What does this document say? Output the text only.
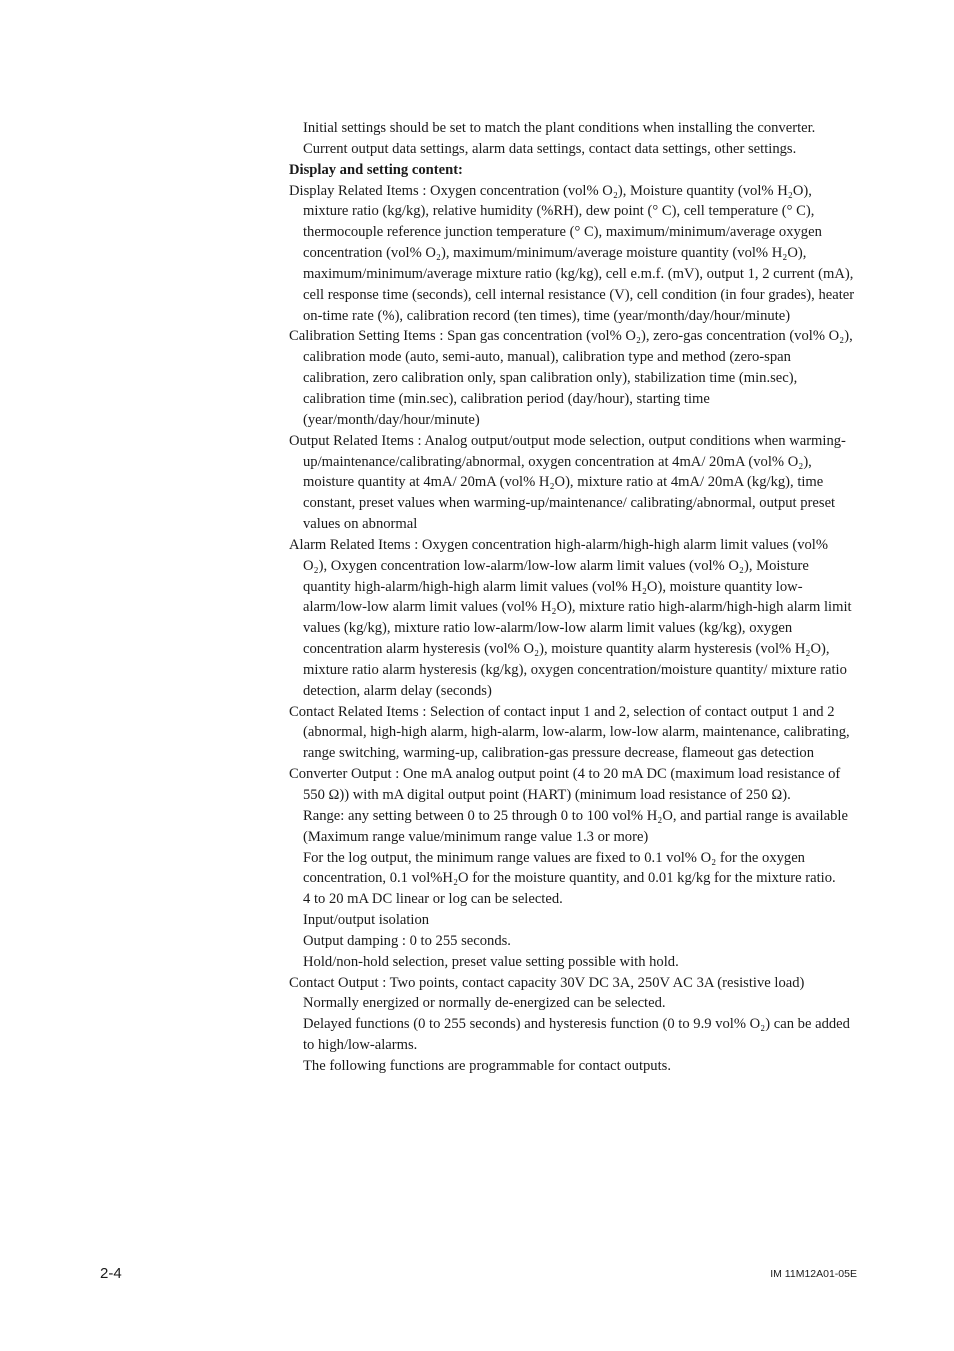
Initial settings should be set to match the plant conditions when installing the converter. Current output data settings, alarm data settings, contact data settings, other settings.

Display and setting content:

Display Related Items : Oxygen concentration (vol% O₂), Moisture quantity (vol% H₂O), mixture ratio (kg/kg), relative humidity (%RH), dew point (° C), cell temperature (° C), thermocouple reference junction temperature (° C), maximum/minimum/average oxygen concentration (vol% O₂), maximum/minimum/average moisture quantity (vol% H₂O), maximum/minimum/average mixture ratio (kg/kg), cell e.m.f. (mV), output 1, 2 current (mA), cell response time (seconds), cell internal resistance (V), cell condition (in four grades), heater on-time rate (%), calibration record (ten times), time (year/month/day/hour/minute)

Calibration Setting Items : Span gas concentration (vol% O₂), zero-gas concentration (vol% O₂), calibration mode (auto, semi-auto, manual), calibration type and method (zero-span calibration, zero calibration only, span calibration only), stabilization time (min.sec), calibration time (min.sec), calibration period (day/hour), starting time (year/month/day/hour/minute)

Output Related Items : Analog output/output mode selection, output conditions when warming-up/maintenance/calibrating/abnormal, oxygen concentration at 4mA/ 20mA (vol% O₂), moisture quantity at 4mA/ 20mA (vol% H₂O), mixture ratio at 4mA/ 20mA (kg/kg), time constant, preset values when warming-up/maintenance/ calibrating/abnormal, output preset values on abnormal

Alarm Related Items : Oxygen concentration high-alarm/high-high alarm limit values (vol% O₂), Oxygen concentration low-alarm/low-low alarm limit values (vol% O₂), Moisture quantity high-alarm/high-high alarm limit values (vol% H₂O), moisture quantity low-alarm/low-low alarm limit values (vol% H₂O), mixture ratio high-alarm/high-high alarm limit values (kg/kg), mixture ratio low-alarm/low-low alarm limit values (kg/kg), oxygen concentration alarm hysteresis (vol% O₂), moisture quantity alarm hysteresis (vol% H₂O), mixture ratio alarm hysteresis (kg/kg), oxygen concentration/moisture quantity/ mixture ratio detection, alarm delay (seconds)

Contact Related Items : Selection of contact input 1 and 2, selection of contact output 1 and 2 (abnormal, high-high alarm, high-alarm, low-alarm, low-low alarm, maintenance, calibrating, range switching, warming-up, calibration-gas pressure decrease, flameout gas detection

Converter Output : One mA analog output point (4 to 20 mA DC (maximum load resistance of 550 Ω)) with mA digital output point (HART) (minimum load resistance of 250 Ω).

Range: any setting between 0 to 25 through 0 to 100 vol% H₂O, and partial range is available (Maximum range value/minimum range value 1.3 or more)

For the log output, the minimum range values are fixed to 0.1 vol% O₂ for the oxygen concentration, 0.1 vol%H₂O for the moisture quantity, and 0.01 kg/kg for the mixture ratio.

4 to 20 mA DC linear or log can be selected.

Input/output isolation

Output damping : 0 to 255 seconds.

Hold/non-hold selection, preset value setting possible with hold.

Contact Output : Two points, contact capacity 30V DC 3A, 250V AC 3A (resistive load)

Normally energized or normally de-energized can be selected.

Delayed functions (0 to 255 seconds) and hysteresis function (0 to 9.9 vol% O₂) can be added to high/low-alarms.

The following functions are programmable for contact outputs.

2-4	IM 11M12A01-05E
